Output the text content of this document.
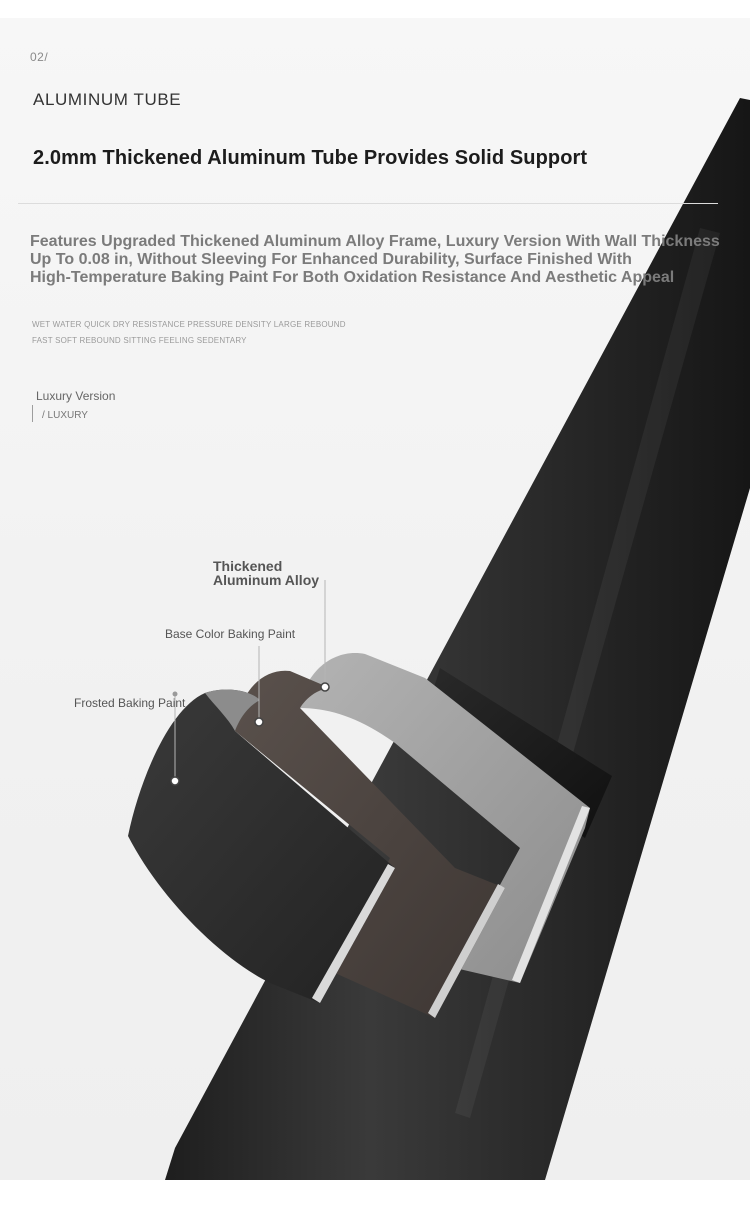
02/

ALUMINUM TUBE

2.0mm Thickened Aluminum Tube Provides Solid Support
Features Upgraded Thickened Aluminum Alloy Frame, Luxury Version With Wall Thickness
Up To 0.08 in, Without Sleeving For Enhanced Durability, Surface Finished With
High-Temperature Baking Paint For Both Oxidation Resistance And Aesthetic Appeal

WET WATER QUICK DRY RESISTANCE PRESSURE DENSITY LARGE REBOUND

FAST SOFT REBOUND SITTING FEELING SEDENTARY

Luxury Version

/ LUXURY

Thickened
Aluminum Alloy

Base Color Baking Paint

Frosted Baking Paint
